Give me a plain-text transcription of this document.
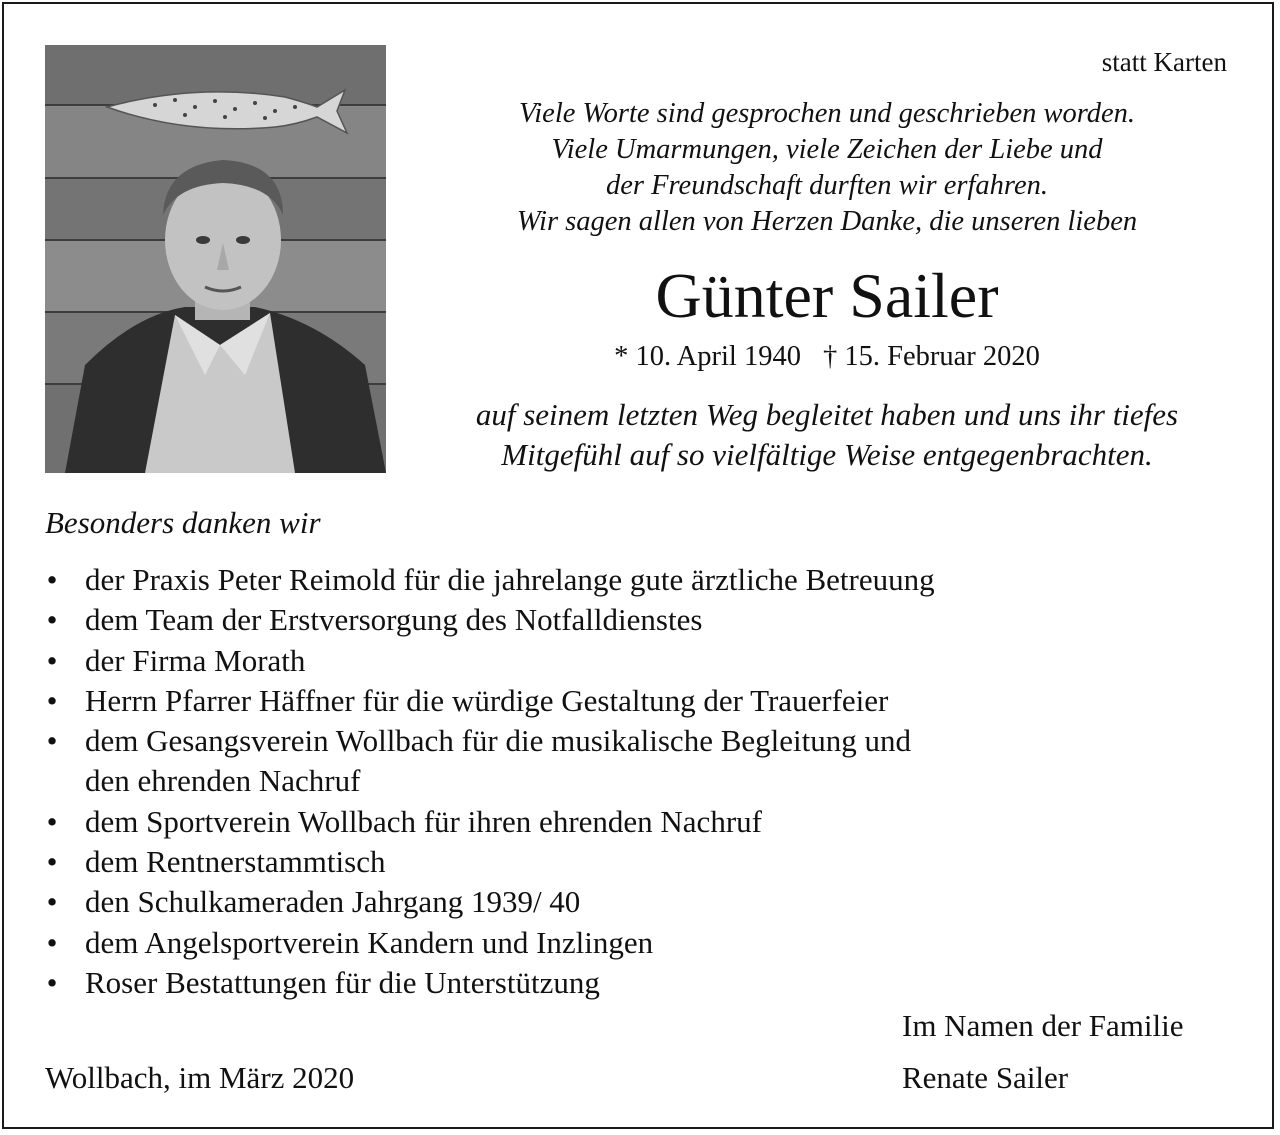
statt Karten
Viele Worte sind gesprochen und geschrieben worden.
Viele Umarmungen, viele Zeichen der Liebe und
der Freundschaft durften wir erfahren.
Wir sagen allen von Herzen Danke, die unseren lieben
Günter Sailer
* 10. April 1940 † 15. Februar 2020
auf seinem letzten Weg begleitet haben und uns ihr tiefes
Mitgefühl auf so vielfältige Weise entgegenbrachten.
Besonders danken wir
• der Praxis Peter Reimold für die jahrelange gute ärztliche Betreuung
• dem Team der Erstversorgung des Notfalldienstes
• der Firma Morath
• Herrn Pfarrer Häffner für die würdige Gestaltung der Trauerfeier
• dem Gesangsverein Wollbach für die musikalische Begleitung und
den ehrenden Nachruf
• dem Sportverein Wollbach für ihren ehrenden Nachruf
• dem Rentnerstammtisch
• den Schulkameraden Jahrgang 1939/ 40
• dem Angelsportverein Kandern und Inzlingen
• Roser Bestattungen für die Unterstützung
Im Namen der Familie
Wollbach, im März 2020	Renate Sailer
